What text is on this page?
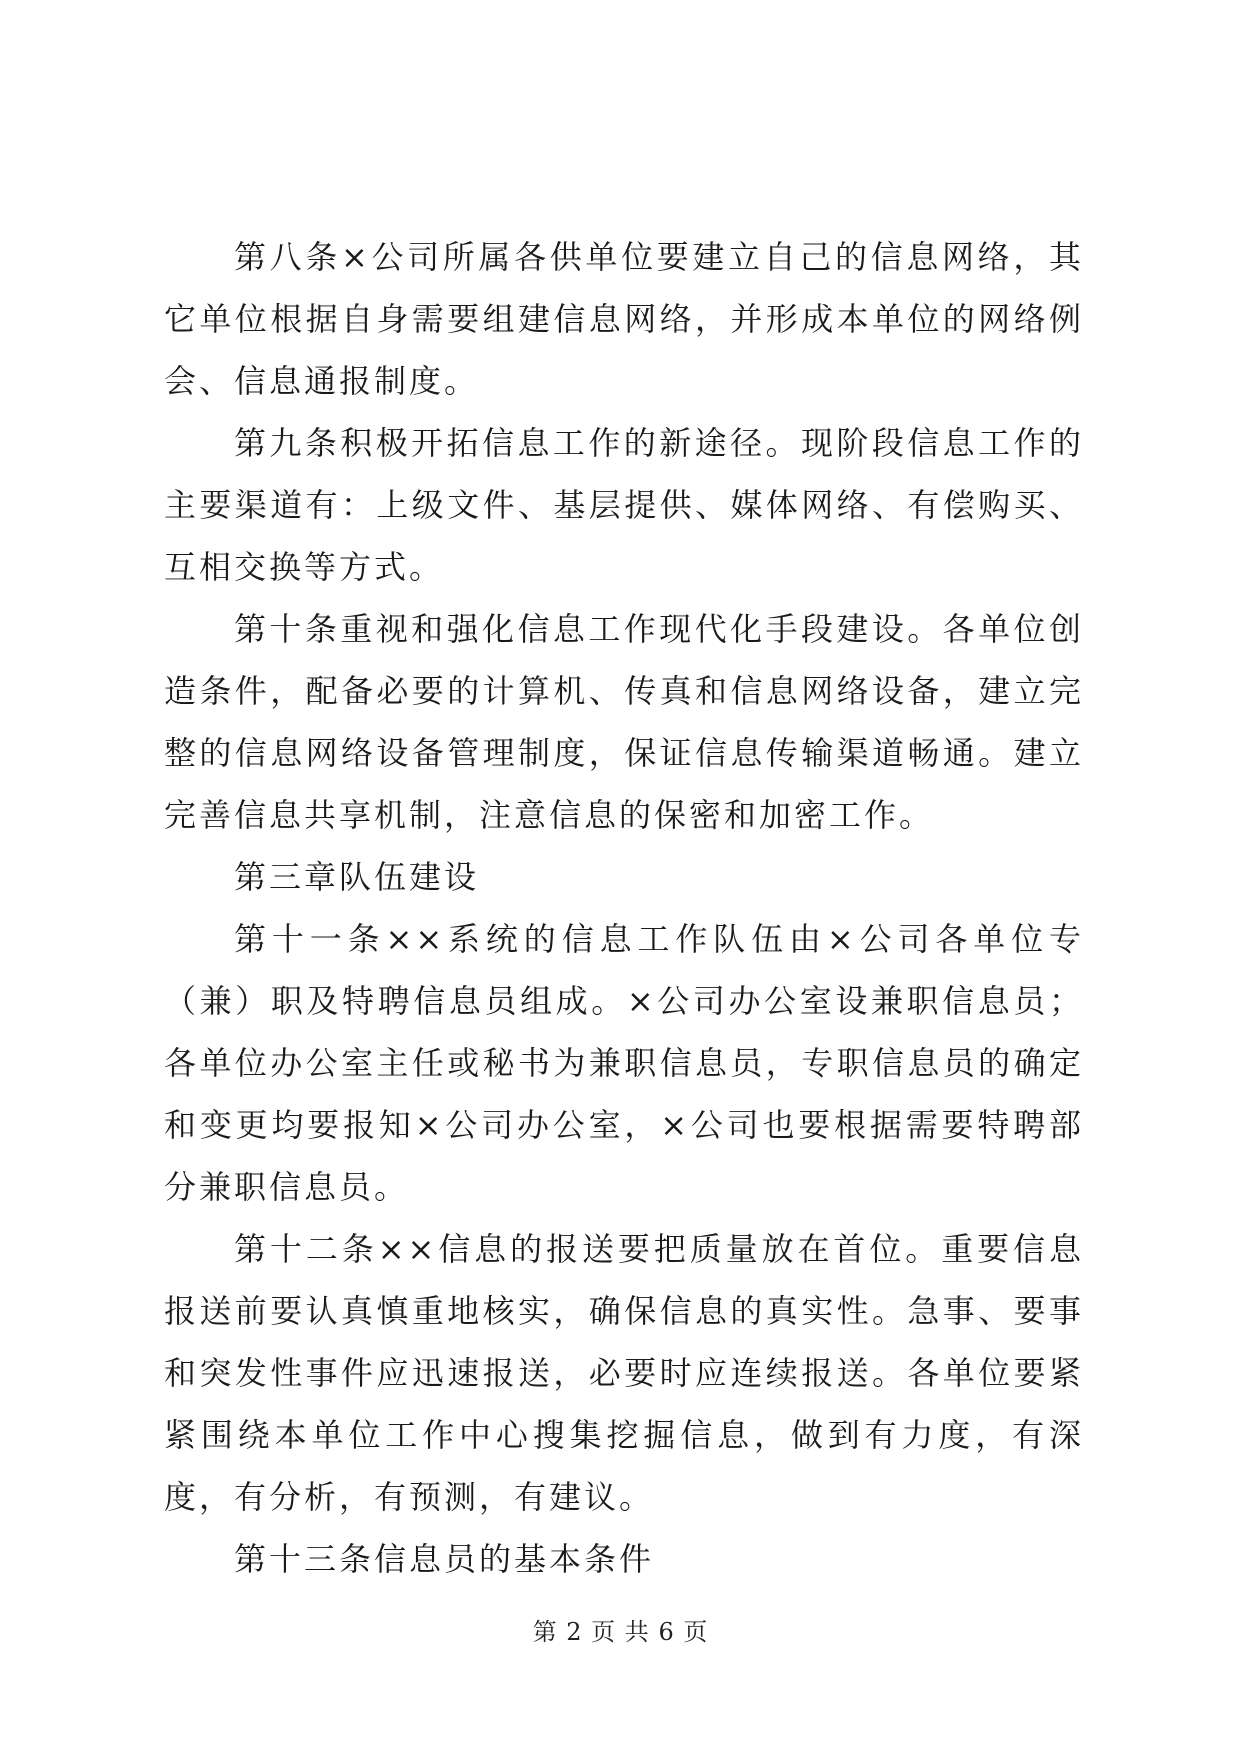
第八条×公司所属各供单位要建立自己的信息网络，其它单位根据自身需要组建信息网络，并形成本单位的网络例会、信息通报制度。

第九条积极开拓信息工作的新途径。现阶段信息工作的主要渠道有：上级文件、基层提供、媒体网络、有偿购买、互相交换等方式。

第十条重视和强化信息工作现代化手段建设。各单位创造条件，配备必要的计算机、传真和信息网络设备，建立完整的信息网络设备管理制度，保证信息传输渠道畅通。建立完善信息共享机制，注意信息的保密和加密工作。

第三章队伍建设

第十一条××系统的信息工作队伍由×公司各单位专（兼）职及特聘信息员组成。×公司办公室设兼职信息员；各单位办公室主任或秘书为兼职信息员，专职信息员的确定和变更均要报知×公司办公室，×公司也要根据需要特聘部分兼职信息员。

第十二条××信息的报送要把质量放在首位。重要信息报送前要认真慎重地核实，确保信息的真实性。急事、要事和突发性事件应迅速报送，必要时应连续报送。各单位要紧紧围绕本单位工作中心搜集挖掘信息，做到有力度，有深度，有分析，有预测，有建议。

第十三条信息员的基本条件

第 2 页 共 6 页
